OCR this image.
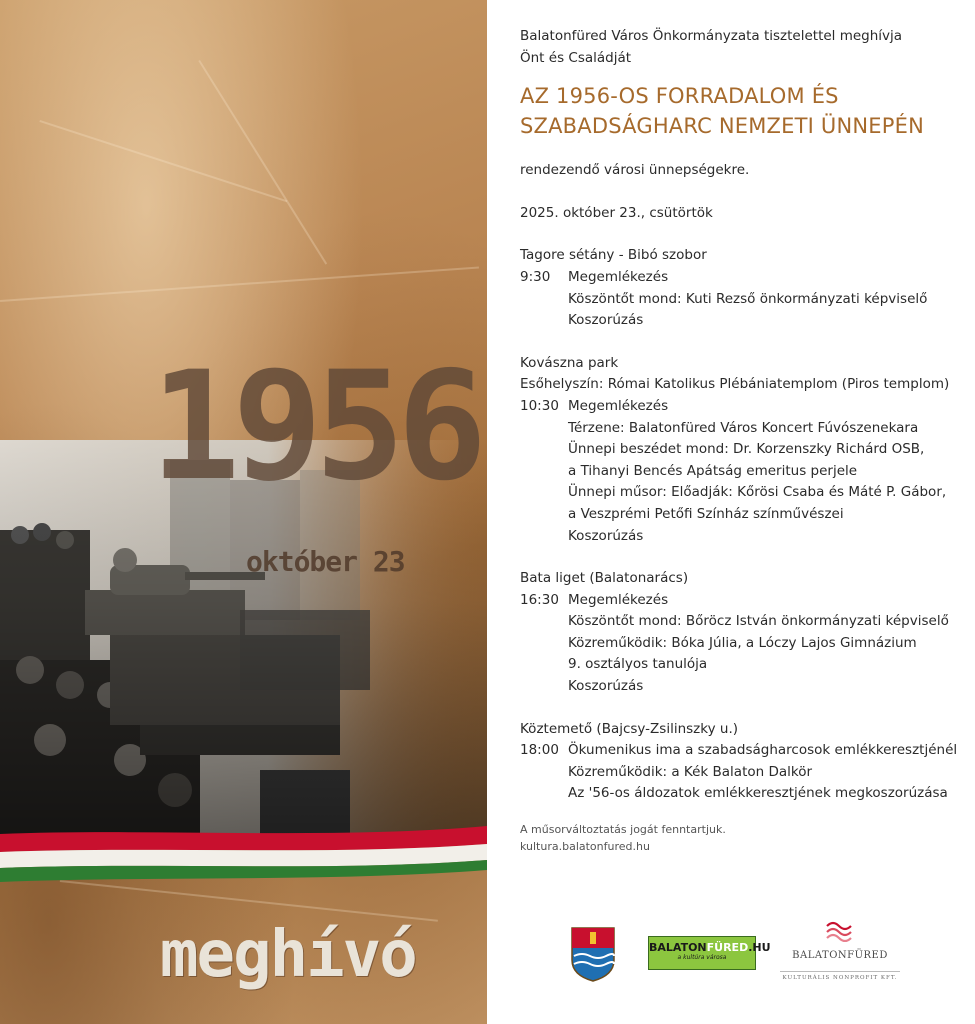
1956
október 23
meghívó
Balatonfüred Város Önkormányzata tisztelettel meghívja
Önt és Családját
AZ 1956-OS FORRADALOM ÉS
SZABADSÁGHARC NEMZETI ÜNNEPÉN
rendezendő városi ünnepségekre.
2025. október 23., csütörtök
Tagore sétány - Bibó szobor
9:30	Megemlékezés
Köszöntőt mond: Kuti Rezső önkormányzati képviselő
Koszorúzás
Kovászna park
Esőhelyszín: Római Katolikus Plébániatemplom (Piros templom)
10:30 Megemlékezés
Térzene: Balatonfüred Város Koncert Fúvószenekara
Ünnepi beszédet mond: Dr. Korzenszky Richárd OSB,
a Tihanyi Bencés Apátság emeritus perjele
Ünnepi műsor: Előadják: Kőrösi Csaba és Máté P. Gábor,
a Veszprémi Petőfi Színház színművészei
Koszorúzás
Bata liget (Balatonarács)
16:30 Megemlékezés
Köszöntőt mond: Bőröcz István önkormányzati képviselő
Közreműködik: Bóka Júlia, a Lóczy Lajos Gimnázium
9. osztályos tanulója
Koszorúzás
Köztemető (Bajcsy-Zsilinszky u.)
18:00 Ökumenikus ima a szabadságharcosok emlékkeresztjénél
Közreműködik: a Kék Balaton Dalkör
Az '56-os áldozatok emlékkeresztjének megkoszorúzása
A műsorváltoztatás jogát fenntartjuk.
kultura.balatonfured.hu
BALATONFÜRED.HU
a kultúra városa	BALATONFÜRED
KULTURÁLIS NONPROFIT KFT.
